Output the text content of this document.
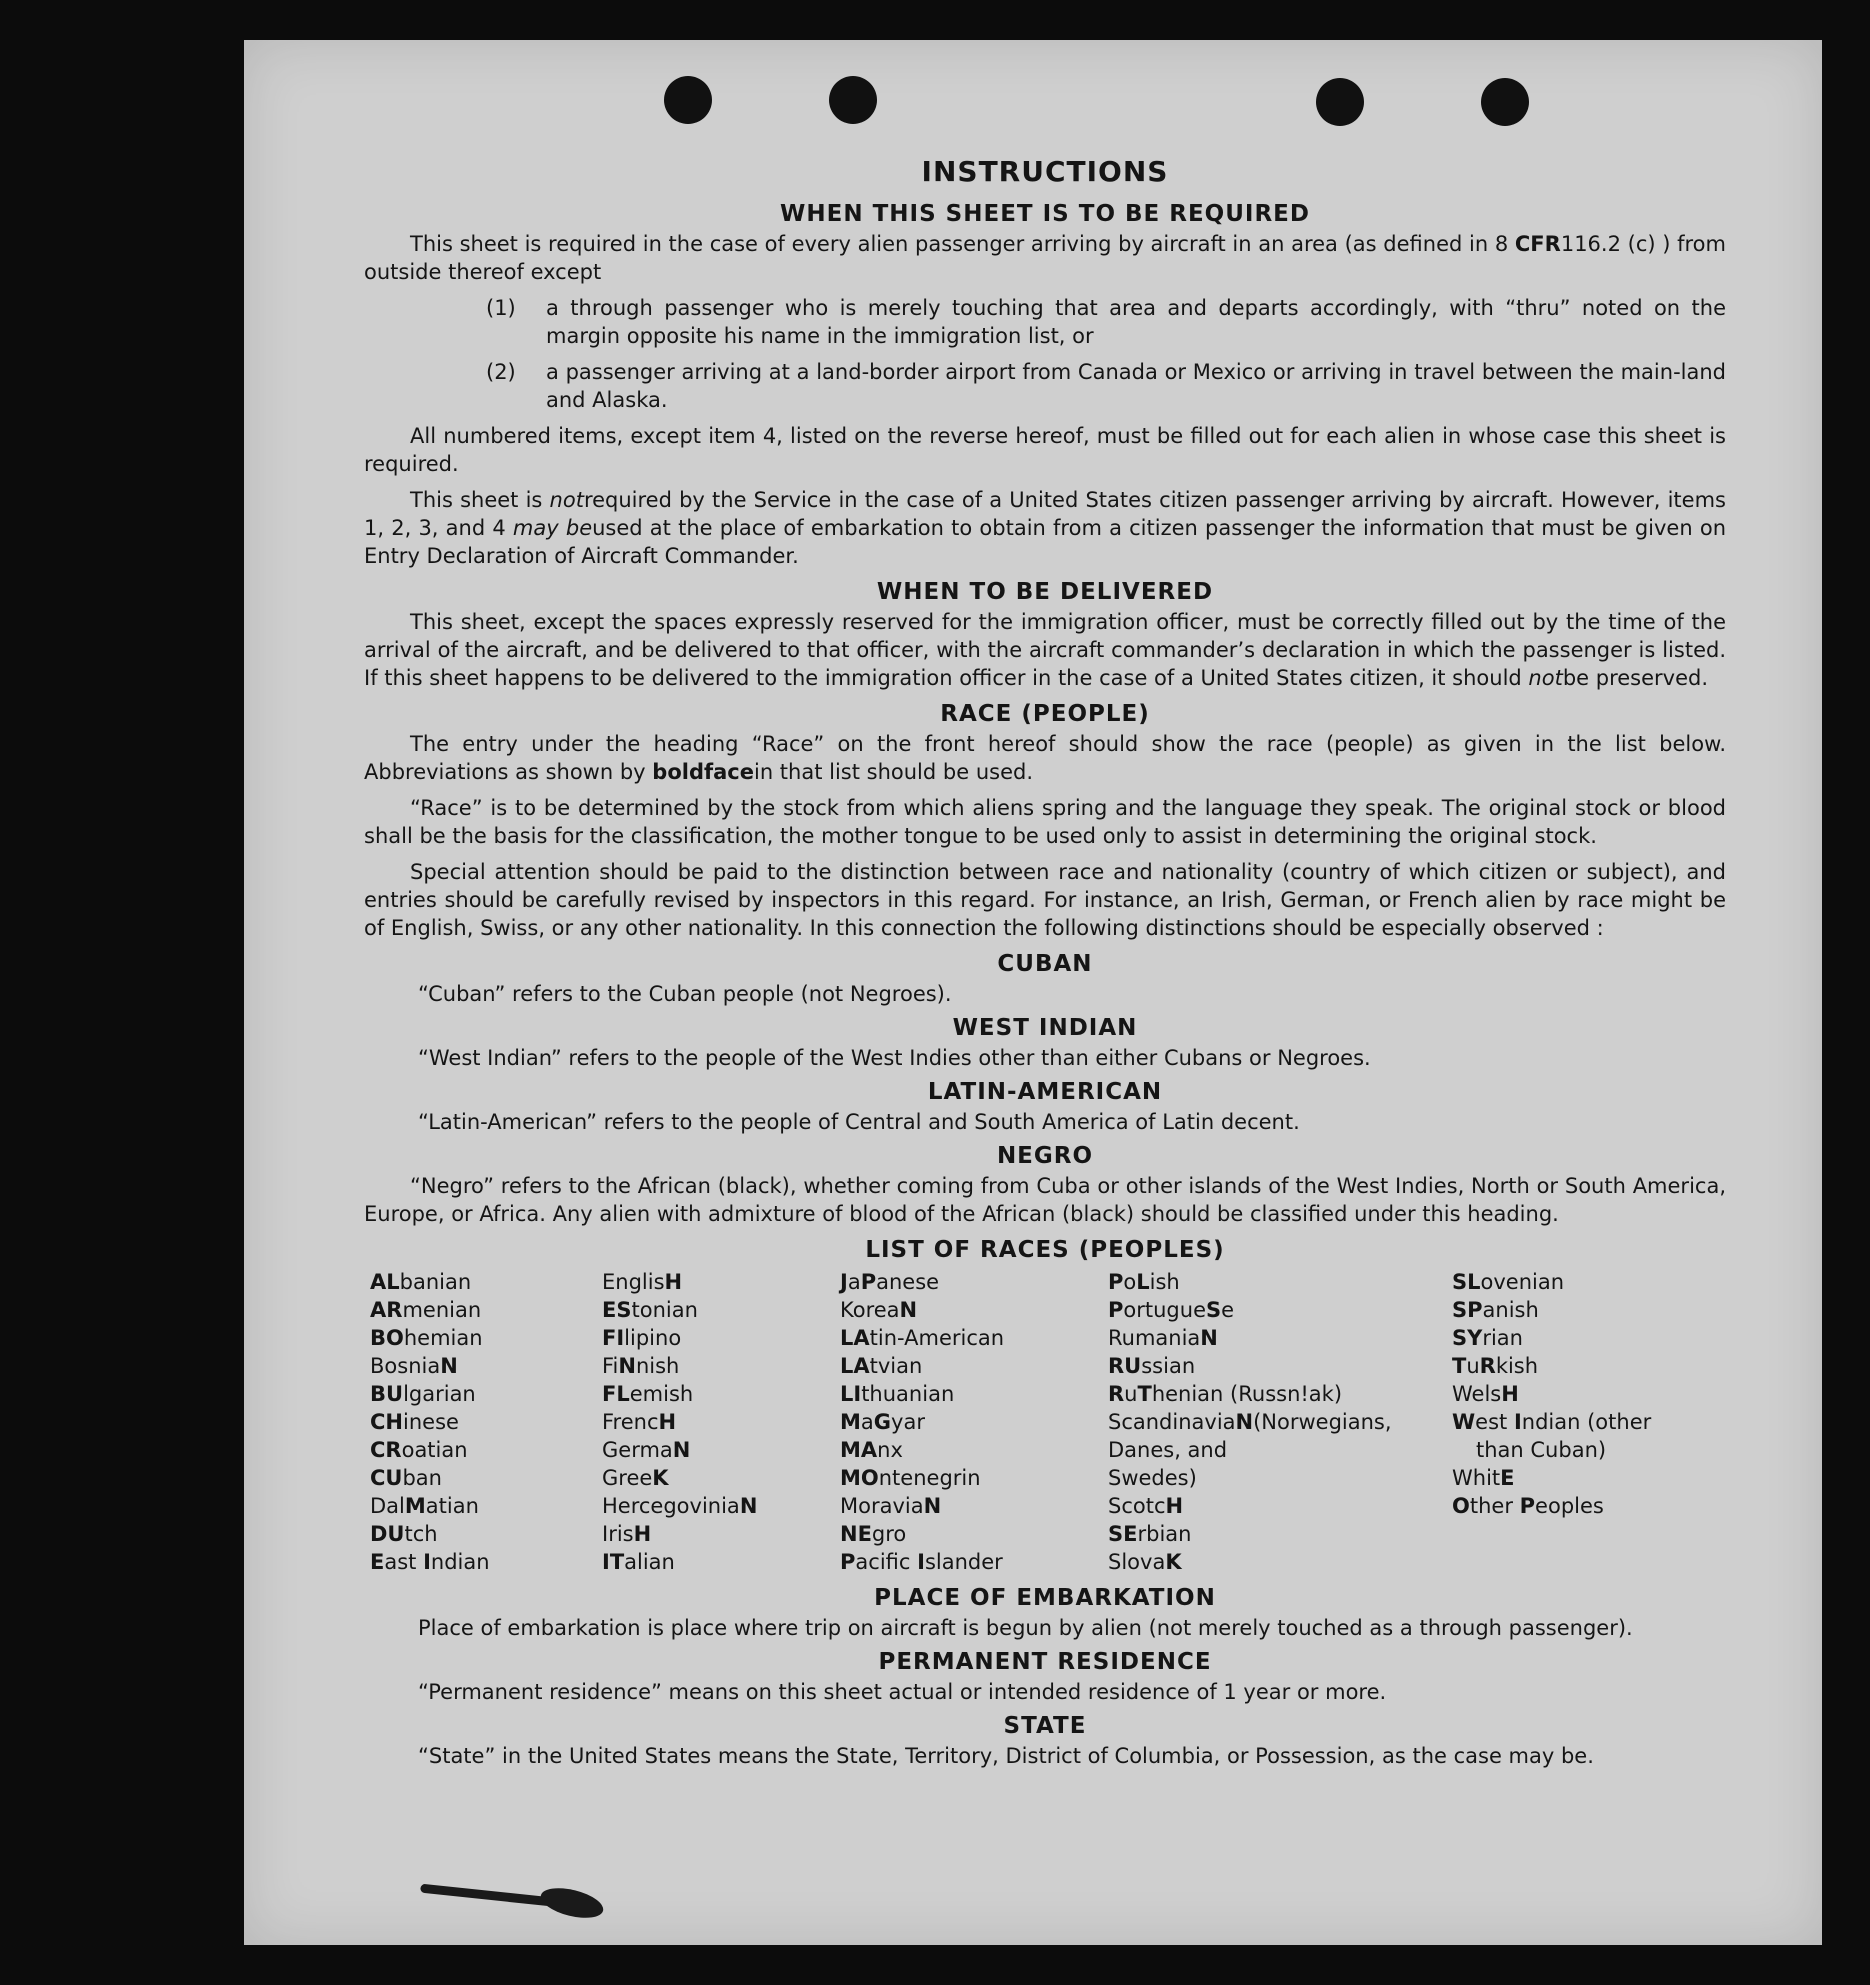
INSTRUCTIONS
WHEN THIS SHEET IS TO BE REQUIRED

This sheet is required in the case of every alien passenger arriving by aircraft in an area (as defined in 8 CFR116.2 (c) ) from outside thereof except

(1)	a through passenger who is merely touching that area and departs accordingly, with “thru” noted on the margin opposite his name in the immigration list, or
(2)	a passenger arriving at a land-border airport from Canada or Mexico or arriving in travel between the main-land and Alaska.

All numbered items, except item 4, listed on the reverse hereof, must be filled out for each alien in whose case this sheet is required.

This sheet is notrequired by the Service in the case of a United States citizen passenger arriving by aircraft. However, items 1, 2, 3, and 4 may beused at the place of embarkation to obtain from a citizen passenger the information that must be given on Entry Declaration of Aircraft Commander.

WHEN TO BE DELIVERED

This sheet, except the spaces expressly reserved for the immigration officer, must be correctly filled out by the time of the arrival of the aircraft, and be delivered to that officer, with the aircraft commander’s declaration in which the passenger is listed. If this sheet happens to be delivered to the immigration officer in the case of a United States citizen, it should notbe preserved.

RACE (PEOPLE)

The entry under the heading “Race” on the front hereof should show the race (people) as given in the list below. Abbreviations as shown by boldfacein that list should be used.

“Race” is to be determined by the stock from which aliens spring and the language they speak. The original stock or blood shall be the basis for the classification, the mother tongue to be used only to assist in determining the original stock.

Special attention should be paid to the distinction between race and nationality (country of which citizen or subject), and entries should be carefully revised by inspectors in this regard. For instance, an Irish, German, or French alien by race might be of English, Swiss, or any other nationality. In this connection the following distinctions should be especially observed :

CUBAN

“Cuban” refers to the Cuban people (not Negroes).

WEST INDIAN

“West Indian” refers to the people of the West Indies other than either Cubans or Negroes.

LATIN-AMERICAN

“Latin-American” refers to the people of Central and South America of Latin decent.

NEGRO

“Negro” refers to the African (black), whether coming from Cuba or other islands of the West Indies, North or South America, Europe, or Africa. Any alien with admixture of blood of the African (black) should be classified under this heading.

LIST OF RACES (PEOPLES)
ALbanian
ARmenian
BOhemian
BosniaN
BUlgarian
CHinese
CRoatian
CUban
DalMatian
DUtch
East Indian
EnglisH
EStonian
FIlipino
FiNnish
FLemish
FrencH
GermaN
GreeK
HercegoviniaN
IrisH
ITalian
JaPanese
KoreaN
LAtin-American
LAtvian
LIthuanian
MaGyar
MAnx
MOntenegrin
MoraviaN
NEgro
Pacific Islander
PoLish
PortugueSe
RumaniaN
RUssian
RuThenian (Russn!ak)
ScandinaviaN(Norwegians,
Danes, and
Swedes)
ScotcH
SErbian
SlovaK
SLovenian
SPanish
SYrian
TuRkish
WelsH
West Indian (other
than Cuban)
WhitE
Other Peoples
PLACE OF EMBARKATION

Place of embarkation is place where trip on aircraft is begun by alien (not merely touched as a through passenger).

PERMANENT RESIDENCE

“Permanent residence” means on this sheet actual or intended residence of 1 year or more.

STATE

“State” in the United States means the State, Territory, District of Columbia, or Possession, as the case may be.
